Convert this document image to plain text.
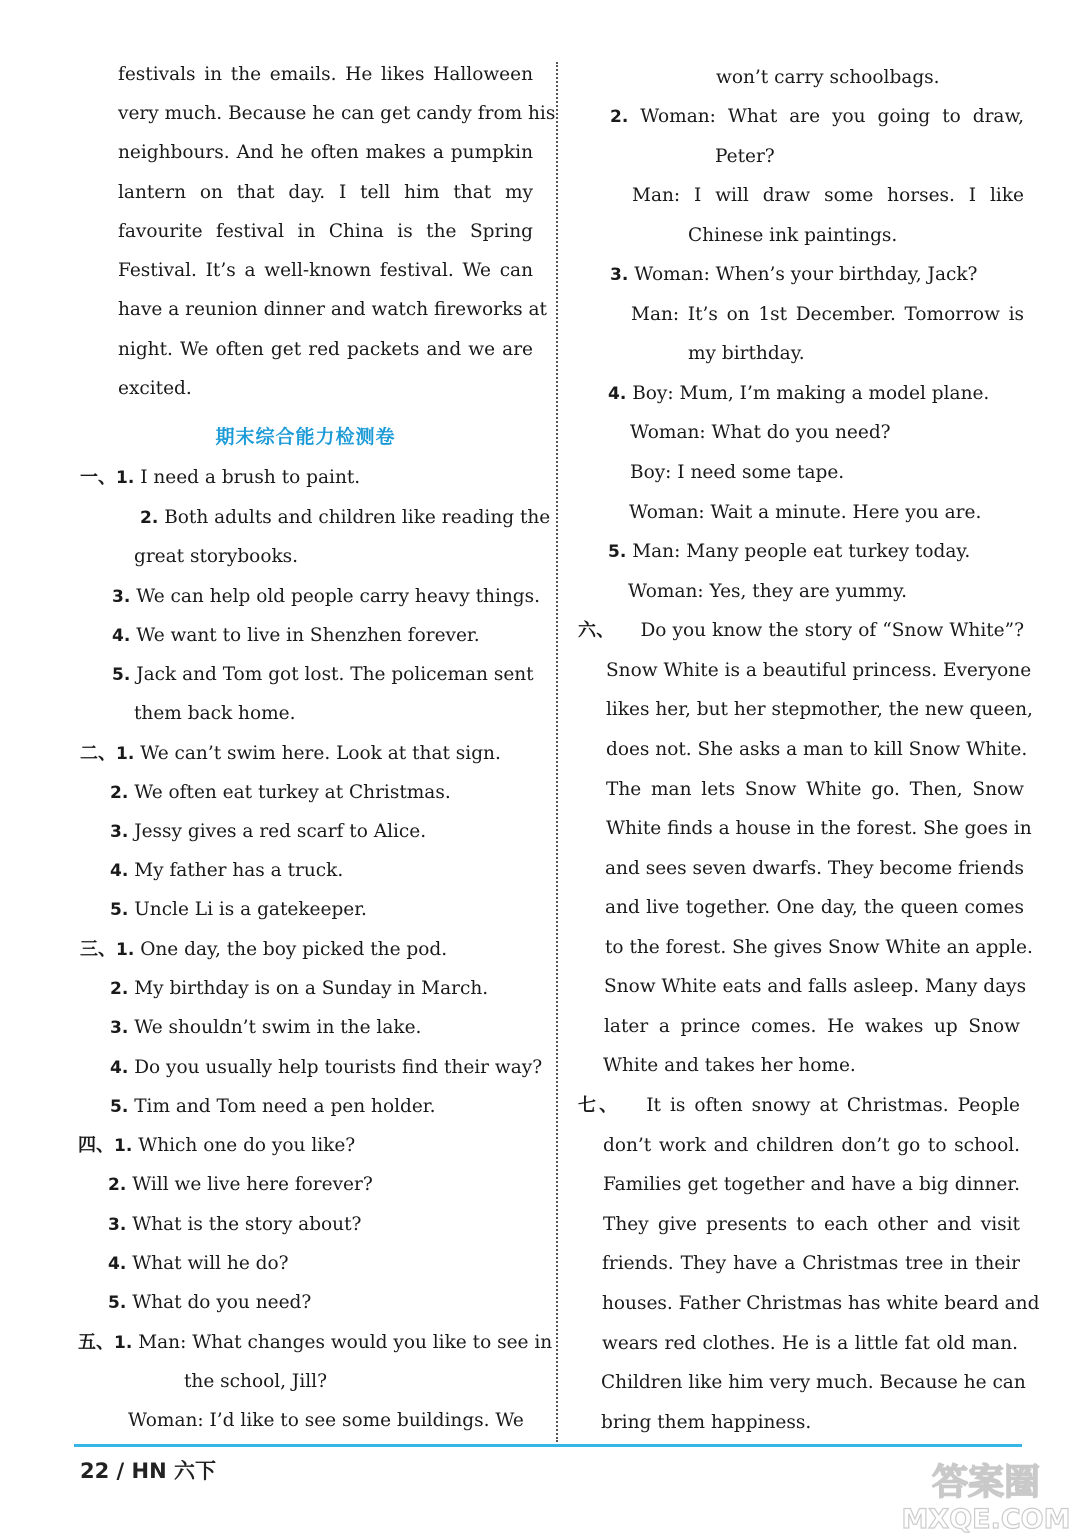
期末综合能力检测卷
festivals in the emails. He likes Halloween
very much. Because he can get candy from his
neighbours. And he often makes a pumpkin
lantern on that day. I tell him that my
favourite festival in China is the Spring
Festival. It’s a well-known festival. We can
have a reunion dinner and watch fireworks at
night. We often get red packets and we are
excited.
一、1. I need a brush to paint.
2. Both adults and children like reading the
great storybooks.
3. We can help old people carry heavy things.
4. We want to live in Shenzhen forever.
5. Jack and Tom got lost. The policeman sent
them back home.
二、1. We can’t swim here. Look at that sign.
2. We often eat turkey at Christmas.
3. Jessy gives a red scarf to Alice.
4. My father has a truck.
5. Uncle Li is a gatekeeper.
三、1. One day, the boy picked the pod.
2. My birthday is on a Sunday in March.
3. We shouldn’t swim in the lake.
4. Do you usually help tourists find their way?
5. Tim and Tom need a pen holder.
四、1. Which one do you like?
2. Will we live here forever?
3. What is the story about?
4. What will he do?
5. What do you need?
五、1. Man: What changes would you like to see in
the school, Jill?
Woman: I’d like to see some buildings. We
won’t carry schoolbags.
2. Woman: What are you going to draw,
Peter?
Man: I will draw some horses. I like
Chinese ink paintings.
3. Woman: When’s your birthday, Jack?
Man: It’s on 1st December. Tomorrow is
my birthday.
4. Boy: Mum, I’m making a model plane.
Woman: What do you need?
Boy: I need some tape.
Woman: Wait a minute. Here you are.
5. Man: Many people eat turkey today.
Woman: Yes, they are yummy.
六、 Do you know the story of “Snow White”?
Snow White is a beautiful princess. Everyone
likes her, but her stepmother, the new queen,
does not. She asks a man to kill Snow White.
The man lets Snow White go. Then, Snow
White finds a house in the forest. She goes in
and sees seven dwarfs. They become friends
and live together. One day, the queen comes
to the forest. She gives Snow White an apple.
Snow White eats and falls asleep. Many days
later a prince comes. He wakes up Snow
White and takes her home.
七、 It is often snowy at Christmas. People
don’t work and children don’t go to school.
Families get together and have a big dinner.
They give presents to each other and visit
friends. They have a Christmas tree in their
houses. Father Christmas has white beard and
wears red clothes. He is a little fat old man.
Children like him very much. Because he can
bring them happiness.
22 / HN 六下	答案圈
MXQE.COM
